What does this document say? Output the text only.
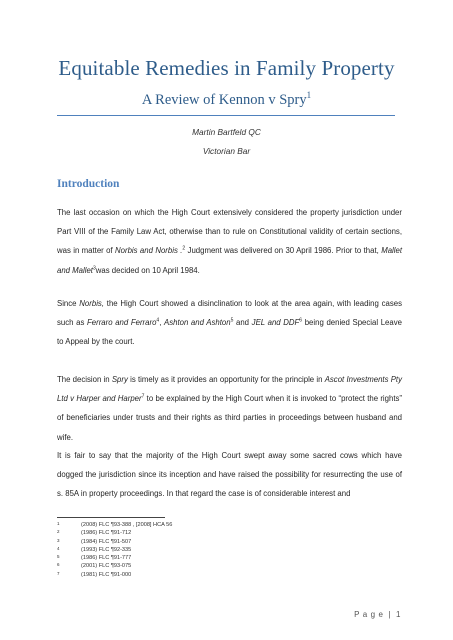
Equitable Remedies in Family Property
A Review of Kennon v Spry$^1$
Martin Bartfeld QC
Victorian Bar
Introduction

The last occasion on which the High Court extensively considered the property jurisdiction under Part VIII of the Family Law Act, otherwise than to rule on Constitutional validity of certain sections, was in matter of Norbis and Norbis .$^2$ Judgment was delivered on 30 April 1986. Prior to that, Mallet and Mallet$^3$was decided on 10 April 1984.

Since Norbis, the High Court showed a disinclination to look at the area again, with leading cases such as Ferraro and Ferraro$^4$, Ashton and Ashton$^5$ and JEL and DDF$^6$ being denied Special Leave to Appeal by the court.

The decision in Spry is timely as it provides an opportunity for the principle in Ascot Investments Pty Ltd v Harper and Harper$^7$ to be explained by the High Court when it is invoked to “protect the rights” of beneficiaries under trusts and their rights as third parties in proceedings between husband and wife.

It is fair to say that the majority of the High Court swept away some sacred cows which have dogged the jurisdiction since its inception and have raised the possibility for resurrecting the use of s. 85A in property proceedings. In that regard the case is of considerable interest and

1	(2008) FLC ¶93-388 , [2008] HCA 56
2	(1986) FLC ¶91-712
3	(1984) FLC ¶91-507
4	(1993) FLC ¶92-335
5	(1986) FLC ¶91-777
6	(2001) FLC ¶93-075
7	(1981) FLC ¶91-000
P a g e | 1
